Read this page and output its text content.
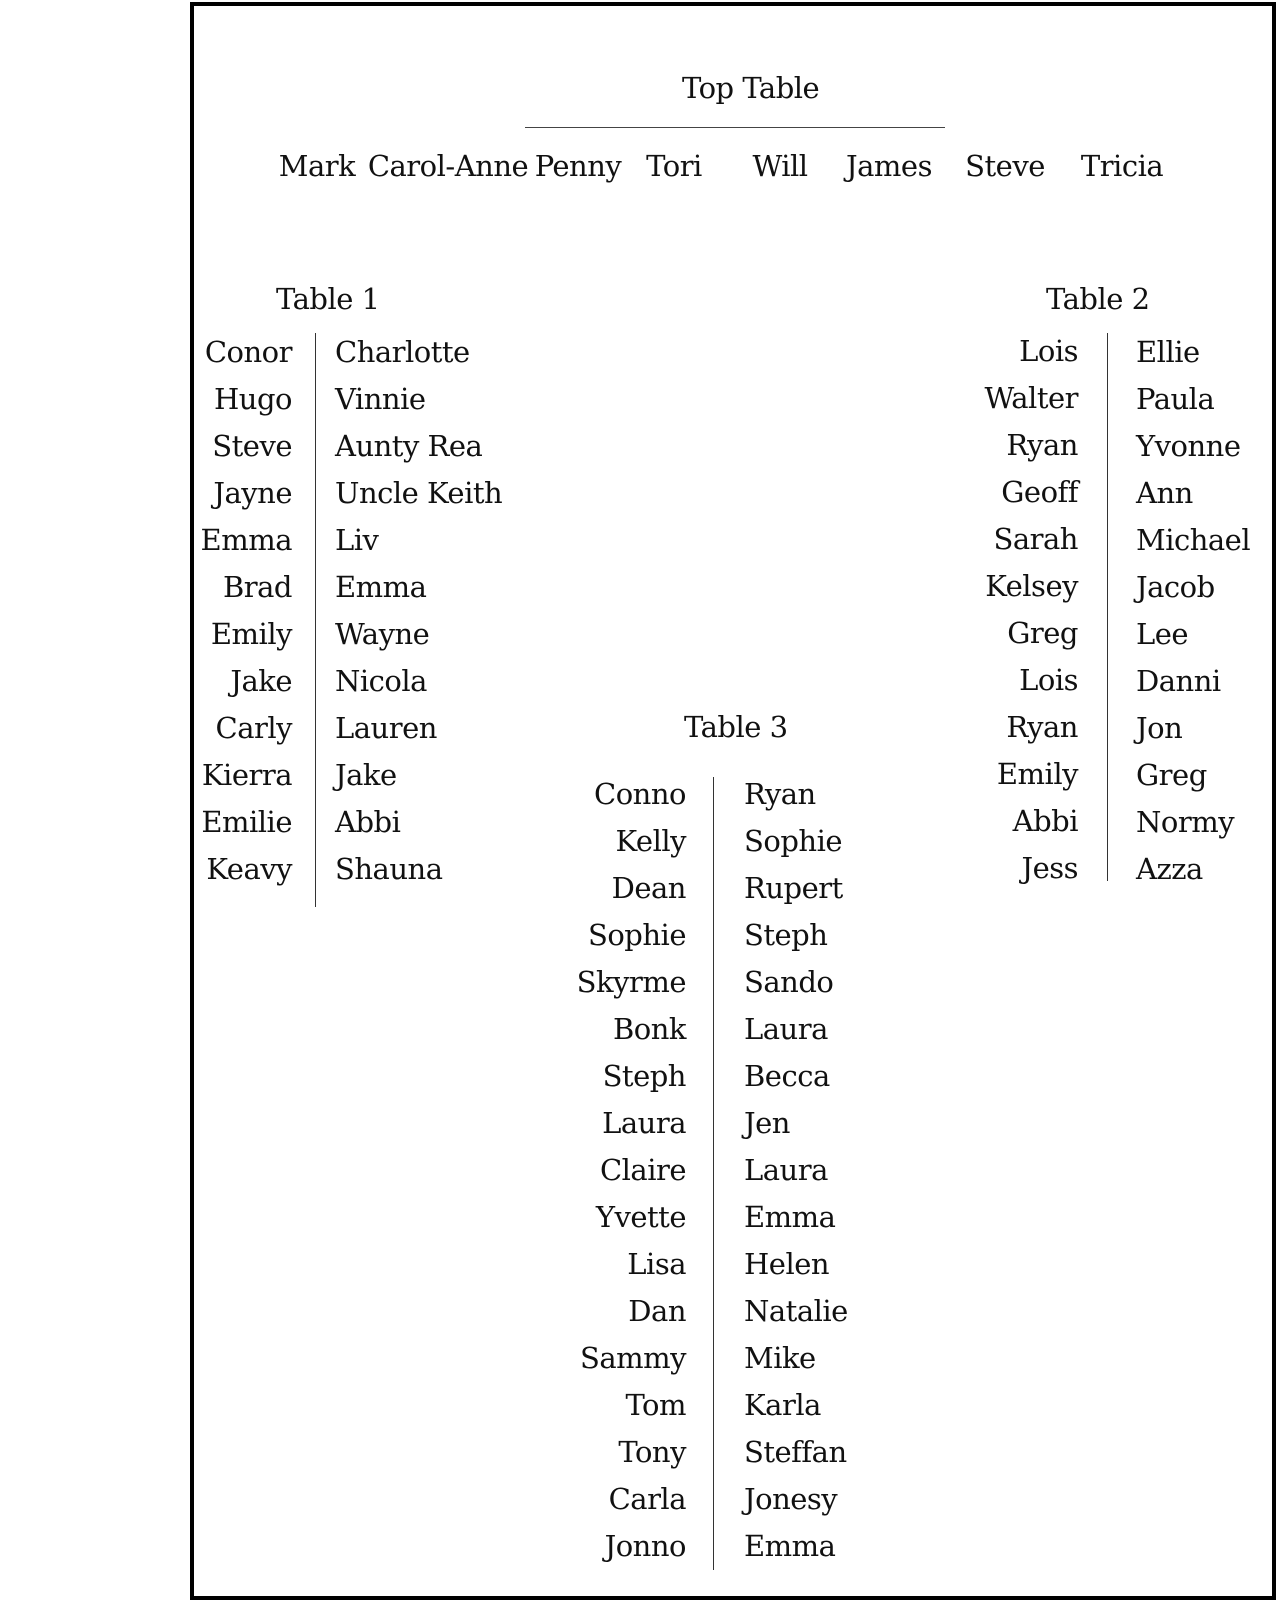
Top Table
Mark Carol-Anne Penny Tori Will James Steve Tricia
Table 1
Conor
Hugo
Steve
Jayne
Emma
Brad
Emily
Jake
Carly
Kierra
Emilie
Keavy
Charlotte
Vinnie
Aunty Rea
Uncle Keith
Liv
Emma
Wayne
Nicola
Lauren
Jake
Abbi
Shauna
Table 2
Lois
Walter
Ryan
Geoff
Sarah
Kelsey
Greg
Lois
Ryan
Emily
Abbi
Jess
Ellie
Paula
Yvonne
Ann
Michael
Jacob
Lee
Danni
Jon
Greg
Normy
Azza
Table 3
Conno
Kelly
Dean
Sophie
Skyrme
Bonk
Steph
Laura
Claire
Yvette
Lisa
Dan
Sammy
Tom
Tony
Carla
Jonno
Ryan
Sophie
Rupert
Steph
Sando
Laura
Becca
Jen
Laura
Emma
Helen
Natalie
Mike
Karla
Steffan
Jonesy
Emma
